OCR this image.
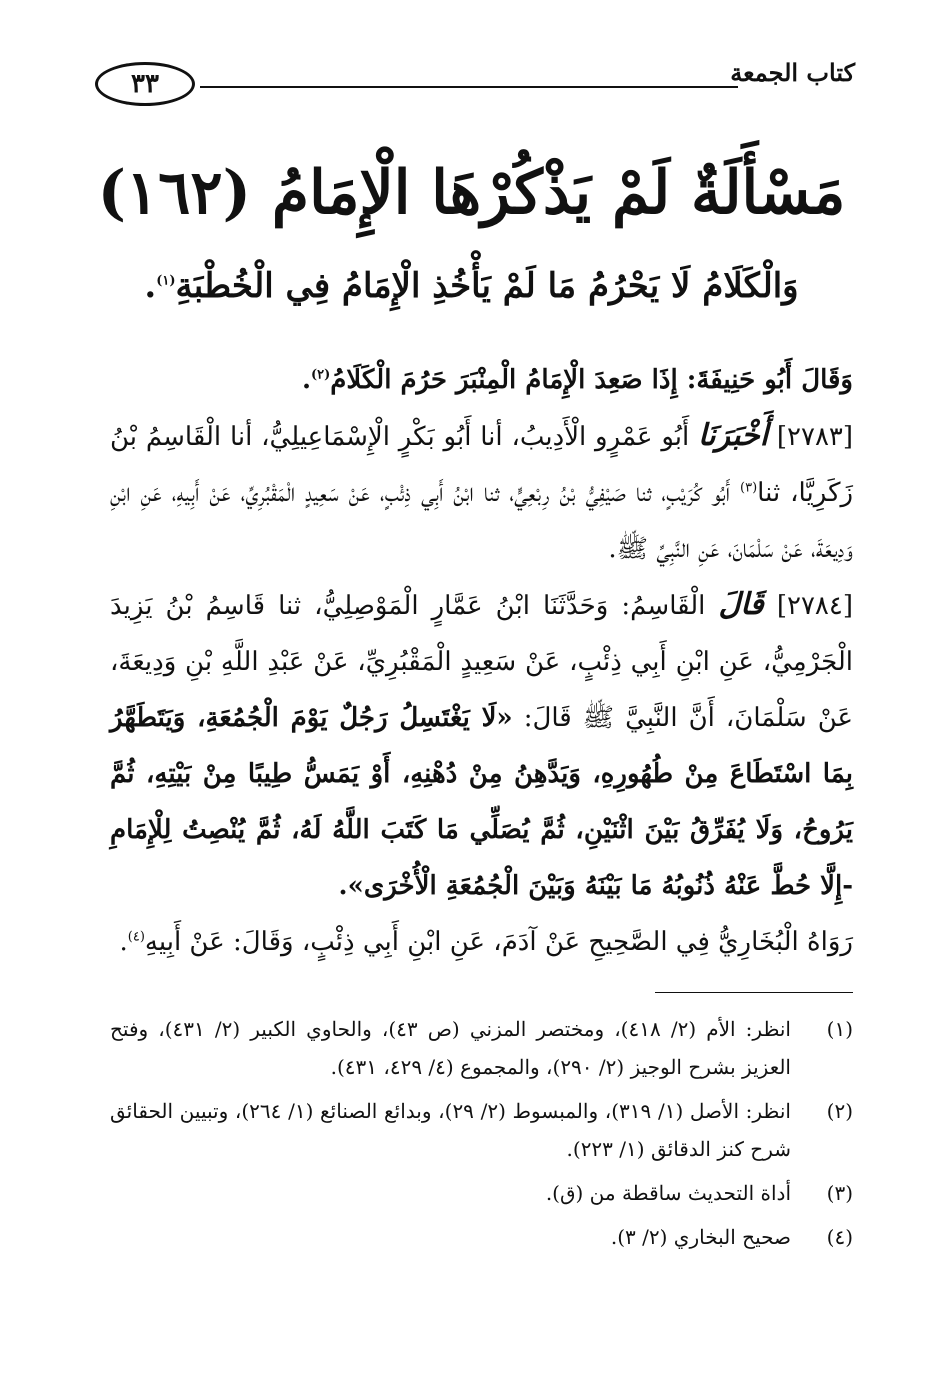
كتاب الجمعة
٣٣
مَسْأَلَةٌ لَمْ يَذْكُرْهَا الْإِمَامُ (١٦٢)
وَالْكَلَامُ لَا يَحْرُمُ مَا لَمْ يَأْخُذِ الْإِمَامُ فِي الْخُطْبَةِ$^{(١)}$.

وَقَالَ أَبُو حَنِيفَةَ: إِذَا صَعِدَ الْإِمَامُ الْمِنْبَرَ حَرُمَ الْكَلَامُ$^{(٢)}$.

[٢٧٨٣] أَخْبَرَنَا أَبُو عَمْرٍو الْأَدِيبُ، أنا أَبُو بَكْرٍ الْإِسْمَاعِيلِيُّ، أنا الْقَاسِمُ بْنُ زَكَرِيَّا، ثنا$^{(٣)}$ أَبُو كُرَيْبٍ، ثنا صَيْفِيُّ بْنُ رِبْعِيٍّ، ثنا ابْنُ أَبِي ذِئْبٍ، عَنْ سَعِيدٍ الْمَقْبُرِيِّ، عَنْ أَبِيهِ، عَنِ ابْنِ وَدِيعَةَ، عَنْ سَلْمَانَ، عَنِ النَّبِيِّ ﷺ.

[٢٧٨٤] قَالَ الْقَاسِمُ: وَحَدَّثَنَا ابْنُ عَمَّارٍ الْمَوْصِلِيُّ، ثنا قَاسِمُ بْنُ يَزِيدَ الْجَرْمِيُّ، عَنِ ابْنِ أَبِي ذِئْبٍ، عَنْ سَعِيدٍ الْمَقْبُرِيِّ، عَنْ عَبْدِ اللَّهِ بْنِ وَدِيعَةَ، عَنْ سَلْمَانَ، أَنَّ النَّبِيَّ ﷺ قَالَ: «لَا يَغْتَسِلُ رَجُلٌ يَوْمَ الْجُمُعَةِ، وَيَتَطَهَّرُ بِمَا اسْتَطَاعَ مِنْ طُهُورِهِ، وَيَدَّهِنُ مِنْ دُهْنِهِ، أَوْ يَمَسُّ طِيبًا مِنْ بَيْتِهِ، ثُمَّ يَرُوحُ، وَلَا يُفَرِّقُ بَيْنَ اثْنَيْنِ، ثُمَّ يُصَلِّي مَا كَتَبَ اللَّهُ لَهُ، ثُمَّ يُنْصِتُ لِلْإِمَامِ -إِلَّا حُطَّ عَنْهُ ذُنُوبُهُ مَا بَيْنَهُ وَبَيْنَ الْجُمُعَةِ الْأُخْرَى».

رَوَاهُ الْبُخَارِيُّ فِي الصَّحِيحِ عَنْ آدَمَ، عَنِ ابْنِ أَبِي ذِئْبٍ، وَقَالَ: عَنْ أَبِيهِ$^{(٤)}$.

(١)
انظر: الأم (٢/ ٤١٨)، ومختصر المزني (ص ٤٣)، والحاوي الكبير (٢/ ٤٣١)، وفتح العزيز بشرح الوجيز (٢/ ٢٩٠)، والمجموع (٤/ ٤٢٩، ٤٣١).
(٢)
انظر: الأصل (١/ ٣١٩)، والمبسوط (٢/ ٢٩)، وبدائع الصنائع (١/ ٢٦٤)، وتبيين الحقائق شرح كنز الدقائق (١/ ٢٢٣).
(٣)
أداة التحديث ساقطة من (ق).
(٤)
صحيح البخاري (٢/ ٣).
